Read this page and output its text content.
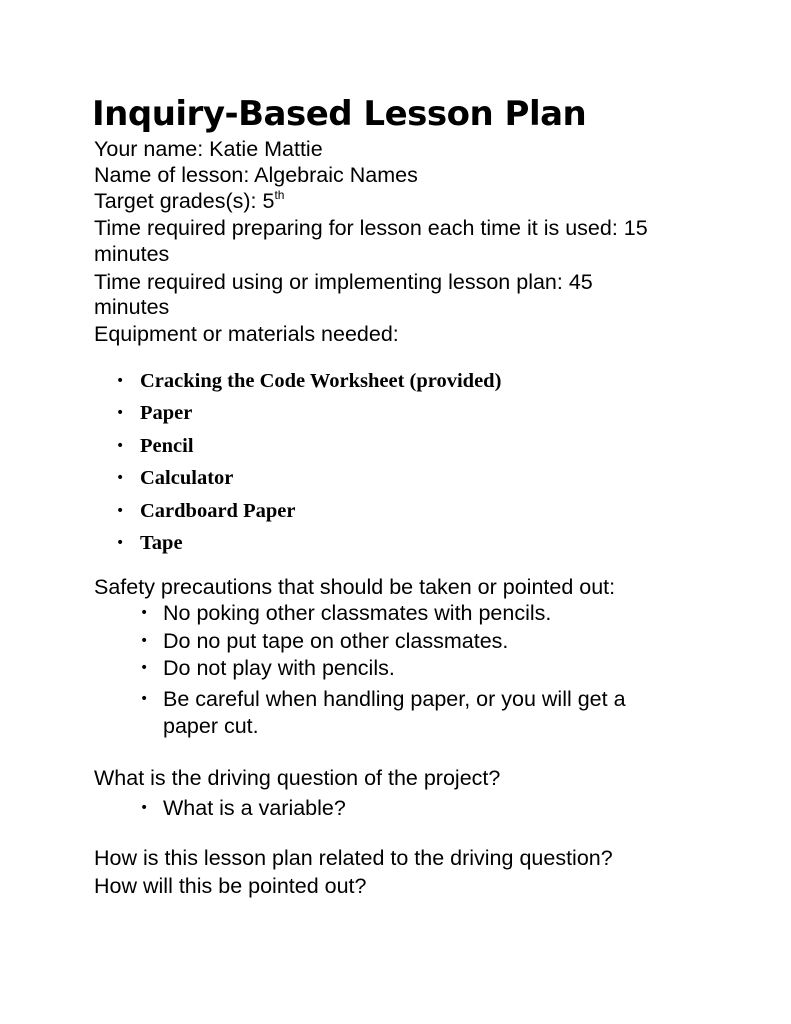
Inquiry-Based Lesson Plan
Your name: Katie Mattie
Name of lesson: Algebraic Names
Target grades(s): 5th
Time required preparing for lesson each time it is used: 15
minutes
Time required using or implementing lesson plan: 45
minutes
Equipment or materials needed:
• Cracking the Code Worksheet (provided)
• Paper
• Pencil
• Calculator
• Cardboard Paper
• Tape
Safety precautions that should be taken or pointed out:
• No poking other classmates with pencils.
• Do no put tape on other classmates.
• Do not play with pencils.
• Be careful when handling paper, or you will get a
paper cut.
What is the driving question of the project?
• What is a variable?
How is this lesson plan related to the driving question?
How will this be pointed out?
